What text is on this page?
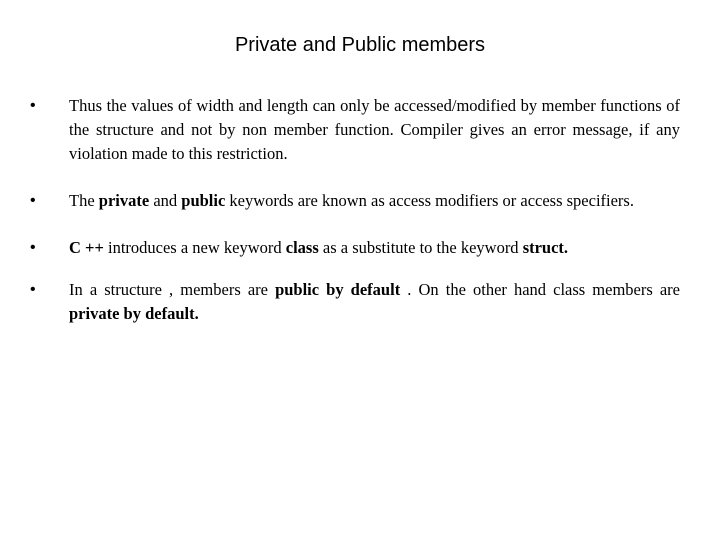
Private and Public members
• Thus the values of width and length can only be accessed/modified by member functions of the structure and not by non member function. Compiler gives an error message, if any violation made to this restriction.
• The private and public keywords are known as access modifiers or access specifiers.
• C ++ introduces a new keyword class as a substitute to the keyword struct.
• In a structure , members are public by default . On the other hand class members are private by default.
